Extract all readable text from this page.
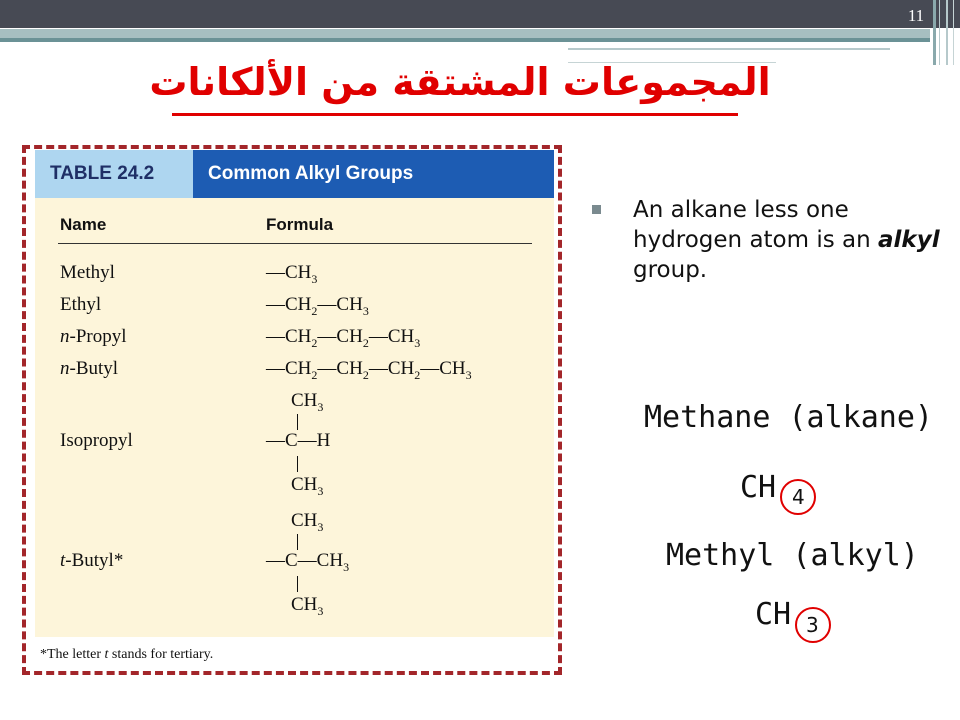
11
المجموعات المشتقة من الألكانات
TABLE 24.2	Common Alkyl Groups
Name	Formula
Methyl	$—CH_3$
Ethyl	$—CH_2—CH_3$
n-Propyl	$—CH_2—CH_2—CH_3$
n-Butyl	$—CH_2—CH_2—CH_2—CH_3$
$CH_3$
Isopropyl	—C—H
$CH_3$
$CH_3$
t-Butyl*	$—C—CH_3$
$CH_3$
*The letter t stands for tertiary.
An alkane less one hydrogen atom is an alkyl group.
Methane (alkane)
CH 4
Methyl (alkyl)
CH 3
